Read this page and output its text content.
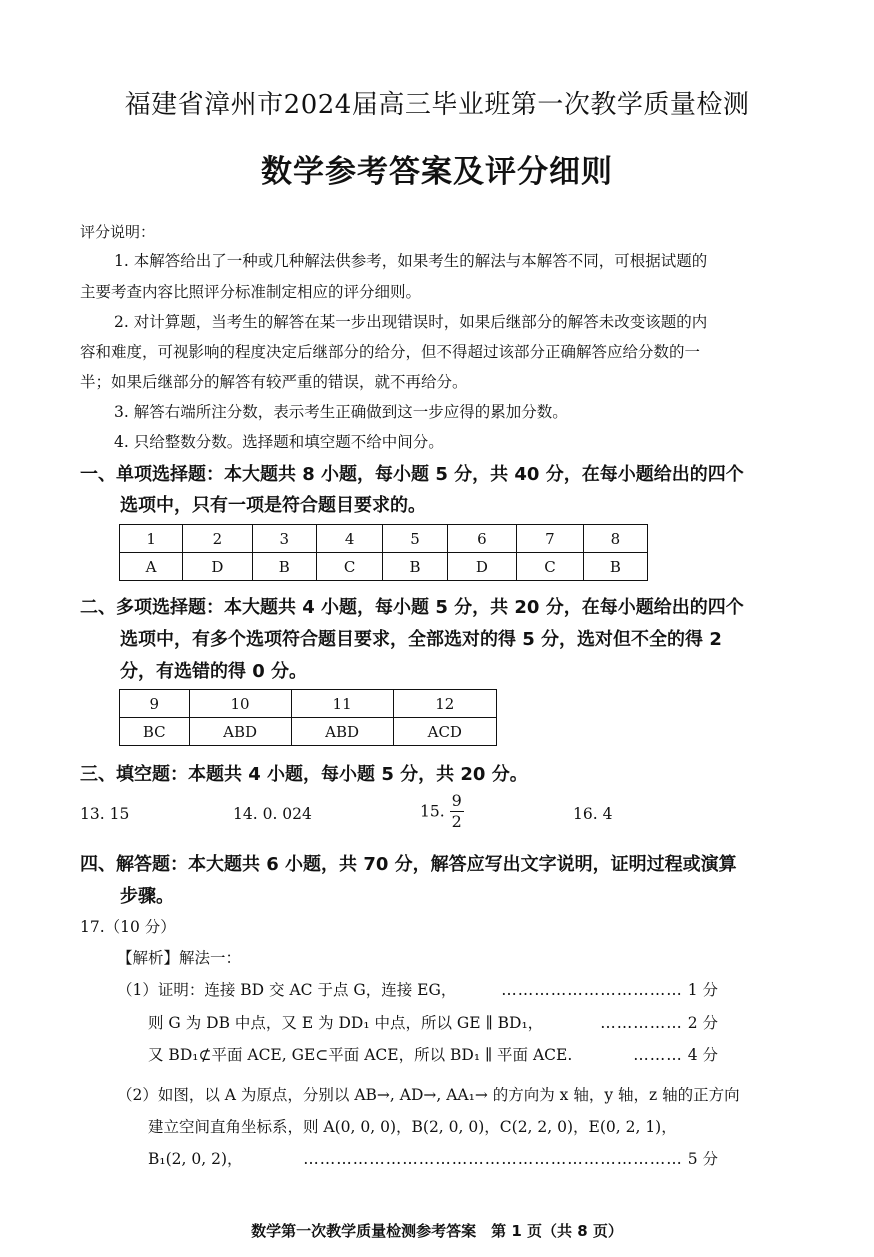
福建省漳州市2024届高三毕业班第一次教学质量检测
数学参考答案及评分细则
评分说明：
1. 本解答给出了一种或几种解法供参考，如果考生的解法与本解答不同，可根据试题的
主要考查内容比照评分标准制定相应的评分细则。
2. 对计算题，当考生的解答在某一步出现错误时，如果后继部分的解答未改变该题的内
容和难度，可视影响的程度决定后继部分的给分，但不得超过该部分正确解答应给分数的一
半；如果后继部分的解答有较严重的错误，就不再给分。
3. 解答右端所注分数，表示考生正确做到这一步应得的累加分数。
4. 只给整数分数。选择题和填空题不给中间分。
一、单项选择题：本大题共 8 小题，每小题 5 分，共 40 分，在每小题给出的四个
选项中，只有一项是符合题目要求的。
1	2	3	4	5	6	7	8
A	D	B	C	B	D	C	B
二、多项选择题：本大题共 4 小题，每小题 5 分，共 20 分，在每小题给出的四个
选项中，有多个选项符合题目要求，全部选对的得 5 分，选对但不全的得 2
分，有选错的得 0 分。
9	10	11	12
BC	ABD	ABD	ACD
三、填空题：本题共 4 小题，每小题 5 分，共 20 分。
13. 15	14. 0. 024	15. $\frac{9}{2}$	16. 4
四、解答题：本大题共 6 小题，共 70 分，解答应写出文字说明，证明过程或演算
步骤。
17.（10 分）
【解析】解法一：
（1）证明：连接 BD 交 AC 于点 G，连接 EG，	…………………………… 1 分
则 G 为 DB 中点，又 E 为 DD₁ 中点，所以 GE ∥ BD₁，	…………… 2 分
又 BD₁⊄平面 ACE, GE⊂平面 ACE，所以 BD₁ ∥ 平面 ACE.	……… 4 分
（2）如图，以 A 为原点，分别以 AB→, AD→, AA₁→ 的方向为 x 轴，y 轴，z 轴的正方向
建立空间直角坐标系，则 A(0, 0, 0)，B(2, 0, 0)，C(2, 2, 0)，E(0, 2, 1)，
B₁(2, 0, 2)，	…………………………………………………………… 5 分
数学第一次教学质量检测参考答案　第 1 页（共 8 页）
